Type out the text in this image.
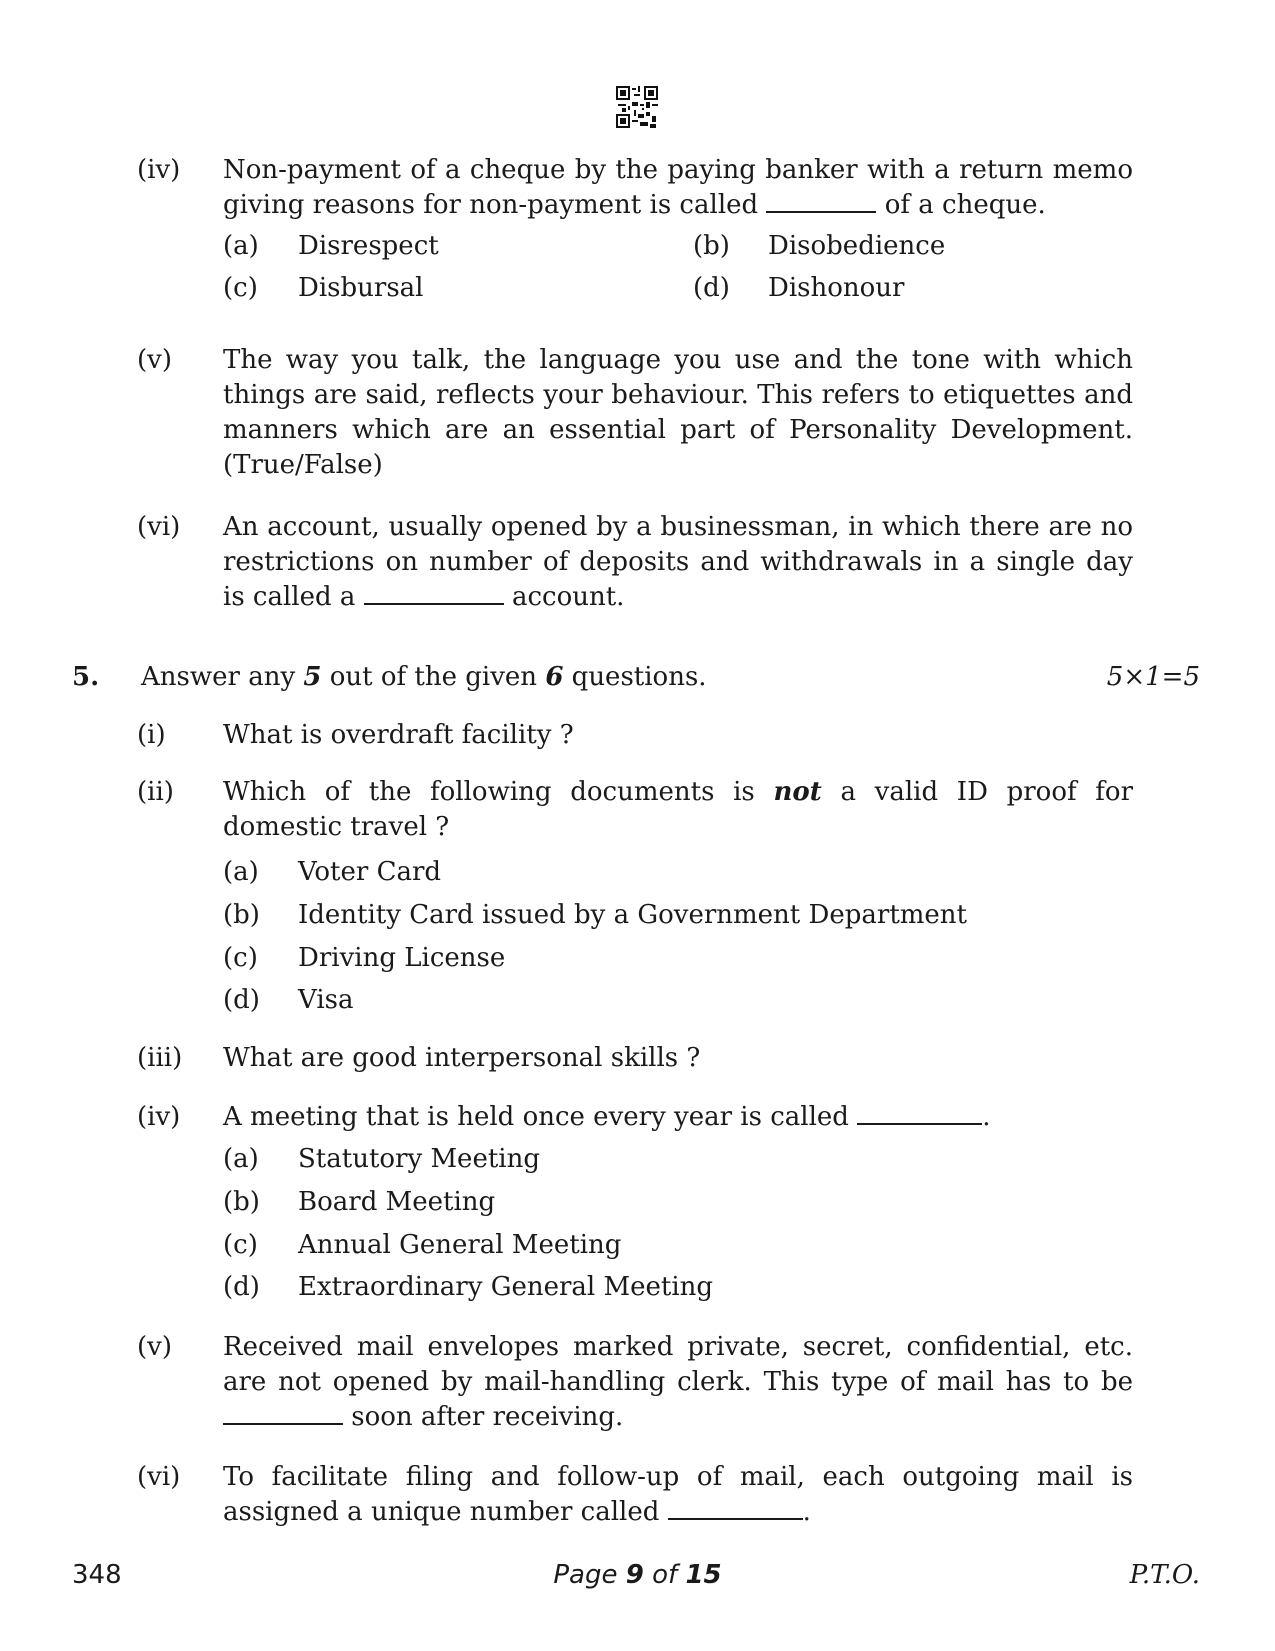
(iv) Non-payment of a cheque by the paying banker with a return memo giving reasons for non-payment is called	of a cheque.
(a) Disrespect	(b) Disobedience
(c) Disbursal	(d) Dishonour
(v) The way you talk, the language you use and the tone with which things are said, reflects your behaviour. This refers to etiquettes and manners which are an essential part of Personality Development. (True/False)
(vi) An account, usually opened by a businessman, in which there are no restrictions on number of deposits and withdrawals in a single day is called a	account.
5. Answer any 5 out of the given 6 questions.	5×1=5
(i) What is overdraft facility ?
(ii) Which of the following documents is not a valid ID proof for domestic travel ?
(a) Voter Card
(b) Identity Card issued by a Government Department
(c) Driving License
(d) Visa
(iii) What are good interpersonal skills ?
(iv) A meeting that is held once every year is called	.
(a) Statutory Meeting
(b) Board Meeting
(c) Annual General Meeting
(d) Extraordinary General Meeting
(v) Received mail envelopes marked private, secret, confidential, etc. are not opened by mail-handling clerk. This type of mail has to be  soon after receiving.
(vi) To facilitate filing and follow-up of mail, each outgoing mail is assigned a unique number called	.
348	Page 9 of 15	P.T.O.
